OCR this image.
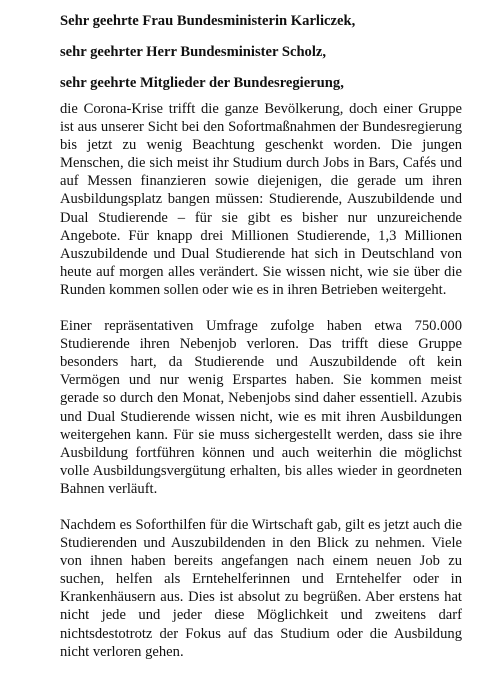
Sehr geehrte Frau Bundesministerin Karliczek,
sehr geehrter Herr Bundesminister Scholz,
sehr geehrte Mitglieder der Bundesregierung,

die Corona-Krise trifft die ganze Bevölkerung, doch einer Gruppe ist aus unserer Sicht bei den Sofortmaßnahmen der Bundesregierung bis jetzt zu wenig Beachtung geschenkt worden. Die jungen Menschen, die sich meist ihr Studium durch Jobs in Bars, Cafés und auf Messen finanzieren sowie diejenigen, die gerade um ihren Ausbildungsplatz bangen müssen: Studierende, Auszubildende und Dual Studierende – für sie gibt es bisher nur unzureichende Angebote. Für knapp drei Millionen Studierende, 1,3 Millionen Auszubildende und Dual Studierende hat sich in Deutschland von heute auf morgen alles verändert. Sie wissen nicht, wie sie über die Runden kommen sollen oder wie es in ihren Betrieben weitergeht.

Einer repräsentativen Umfrage zufolge haben etwa 750.000 Studierende ihren Nebenjob verloren. Das trifft diese Gruppe besonders hart, da Studierende und Auszubildende oft kein Vermögen und nur wenig Erspartes haben. Sie kommen meist gerade so durch den Monat, Nebenjobs sind daher essentiell. Azubis und Dual Studierende wissen nicht, wie es mit ihren Ausbildungen weitergehen kann. Für sie muss sichergestellt werden, dass sie ihre Ausbildung fortführen können und auch weiterhin die möglichst volle Ausbildungsvergütung erhalten, bis alles wieder in geordneten Bahnen verläuft.

Nachdem es Soforthilfen für die Wirtschaft gab, gilt es jetzt auch die Studierenden und Auszubildenden in den Blick zu nehmen. Viele von ihnen haben bereits angefangen nach einem neuen Job zu suchen, helfen als Erntehelferinnen und Erntehelfer oder in Krankenhäusern aus. Dies ist absolut zu begrüßen. Aber erstens hat nicht jede und jeder diese Möglichkeit und zweitens darf nichtsdestotrotz der Fokus auf das Studium oder die Ausbildung nicht verloren gehen.
